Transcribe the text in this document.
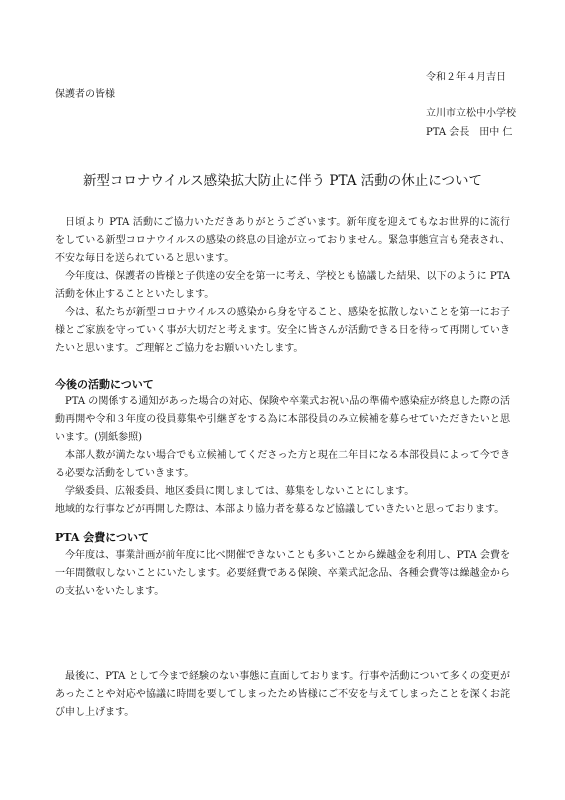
令和２年４月吉日
保護者の皆様
立川市立松中小学校
PTA 会長　田中 仁
新型コロナウイルス感染拡大防止に伴う PTA 活動の休止について

日頃より PTA 活動にご協力いただきありがとうございます。新年度を迎えてもなお世界的に流行をしている新型コロナウイルスの感染の終息の目途が立っておりません。緊急事態宣言も発表され、不安な毎日を送られていると思います。

今年度は、保護者の皆様と子供達の安全を第一に考え、学校とも協議した結果、以下のように PTA 活動を休止することといたします。

今は、私たちが新型コロナウイルスの感染から身を守ること、感染を拡散しないことを第一にお子様とご家族を守っていく事が大切だと考えます。安全に皆さんが活動できる日を待って再開していきたいと思います。ご理解とご協力をお願いいたします。

今後の活動について

PTA の関係する通知があった場合の対応、保険や卒業式お祝い品の準備や感染症が終息した際の活動再開や令和３年度の役員募集や引継ぎをする為に本部役員のみ立候補を募らせていただきたいと思います。(別紙参照)

本部人数が満たない場合でも立候補してくださった方と現在二年目になる本部役員によって今できる必要な活動をしていきます。

学級委員、広報委員、地区委員に関しましては、募集をしないことにします。

地域的な行事などが再開した際は、本部より協力者を募るなど協議していきたいと思っております。

PTA 会費について

今年度は、事業計画が前年度に比べ開催できないことも多いことから繰越金を利用し、PTA 会費を一年間徴収しないことにいたします。必要経費である保険、卒業式記念品、各種会費等は繰越金からの支払いをいたします。

最後に、PTA として今まで経験のない事態に直面しております。行事や活動について多くの変更があったことや対応や協議に時間を要してしまったため皆様にご不安を与えてしまったことを深くお詫び申し上げます。
